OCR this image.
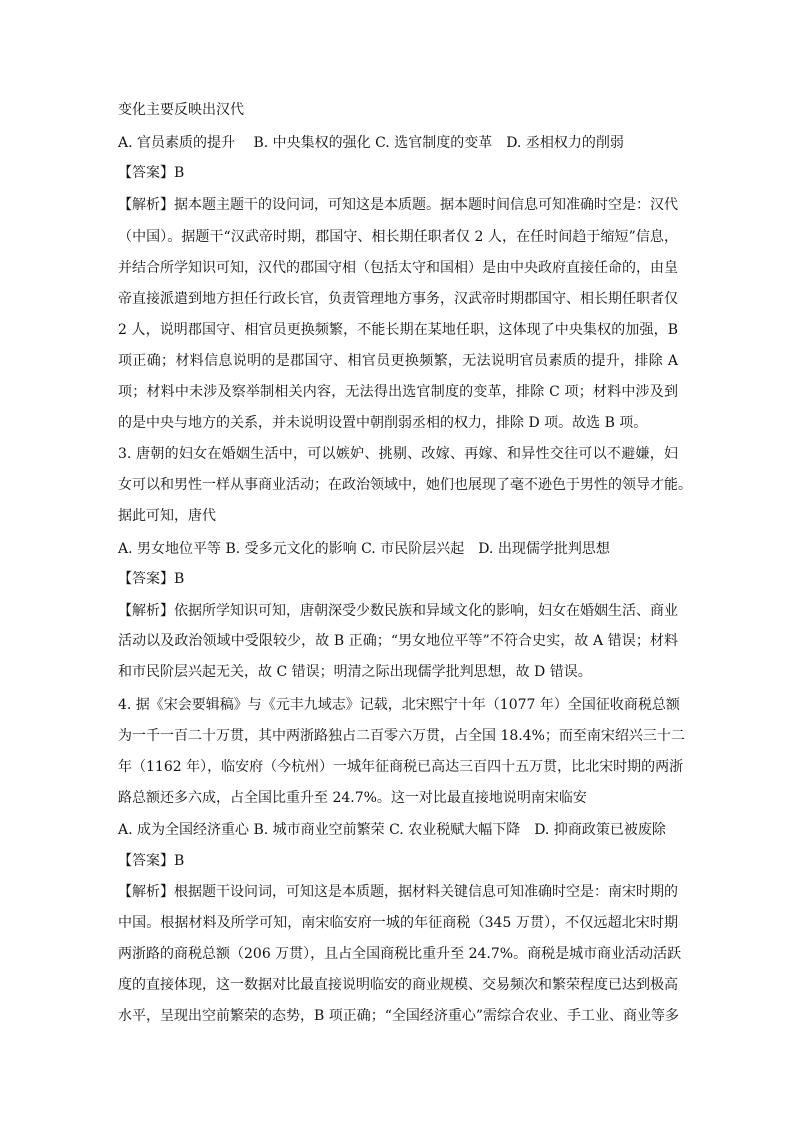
变化主要反映出汉代
A. 官员素质的提升　 B. 中央集权的强化 C. 选官制度的变革　D. 丞相权力的削弱
【答案】B
【解析】据本题主题干的设问词，可知这是本质题。据本题时间信息可知准确时空是：汉代
（中国）。据题干“汉武帝时期，郡国守、相长期任职者仅 2 人，在任时间趋于缩短”信息，
并结合所学知识可知，汉代的郡国守相（包括太守和国相）是由中央政府直接任命的，由皇
帝直接派遣到地方担任行政长官，负责管理地方事务，汉武帝时期郡国守、相长期任职者仅
2 人，说明郡国守、相官员更换频繁，不能长期在某地任职，这体现了中央集权的加强，B
项正确；材料信息说明的是郡国守、相官员更换频繁，无法说明官员素质的提升，排除 A
项；材料中未涉及察举制相关内容，无法得出选官制度的变革，排除 C 项；材料中涉及到
的是中央与地方的关系，并未说明设置中朝削弱丞相的权力，排除 D 项。故选 B 项。
3. 唐朝的妇女在婚姻生活中，可以嫉妒、挑剔、改嫁、再嫁、和异性交往可以不避嫌，妇
女可以和男性一样从事商业活动；在政治领域中，她们也展现了毫不逊色于男性的领导才能。
据此可知，唐代
A. 男女地位平等 B. 受多元文化的影响 C. 市民阶层兴起　D. 出现儒学批判思想
【答案】B
【解析】依据所学知识可知，唐朝深受少数民族和异域文化的影响，妇女在婚姻生活、商业
活动以及政治领域中受限较少，故 B 正确；“男女地位平等”不符合史实，故 A 错误；材料
和市民阶层兴起无关，故 C 错误；明清之际出现儒学批判思想，故 D 错误。
4. 据《宋会要辑稿》与《元丰九域志》记载，北宋熙宁十年（1077 年）全国征收商税总额
为一千一百二十万贯，其中两浙路独占二百零六万贯，占全国 18.4%；而至南宋绍兴三十二
年（1162 年），临安府（今杭州）一城年征商税已高达三百四十五万贯，比北宋时期的两浙
路总额还多六成，占全国比重升至 24.7%。这一对比最直接地说明南宋临安
A. 成为全国经济重心 B. 城市商业空前繁荣 C. 农业税赋大幅下降　D. 抑商政策已被废除
【答案】B
【解析】根据题干设问词，可知这是本质题，据材料关键信息可知准确时空是：南宋时期的
中国。根据材料及所学可知，南宋临安府一城的年征商税（345 万贯），不仅远超北宋时期
两浙路的商税总额（206 万贯），且占全国商税比重升至 24.7%。商税是城市商业活动活跃
度的直接体现，这一数据对比最直接说明临安的商业规模、交易频次和繁荣程度已达到极高
水平，呈现出空前繁荣的态势，B 项正确；“全国经济重心”需综合农业、手工业、商业等多
